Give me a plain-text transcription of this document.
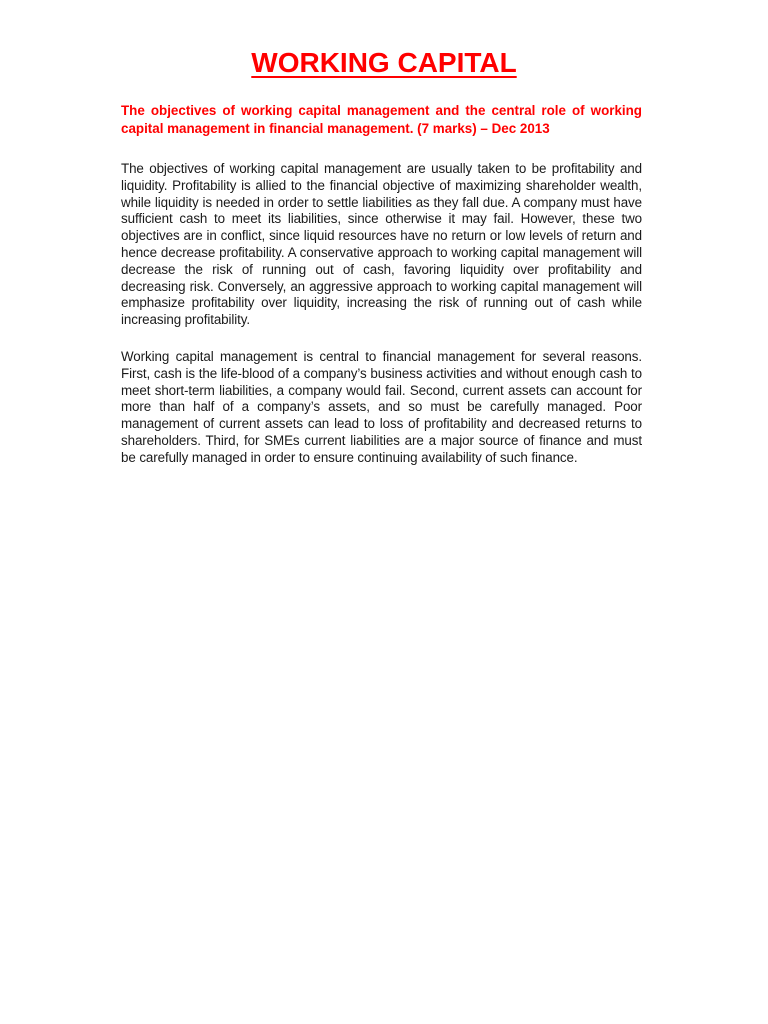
WORKING CAPITAL

The objectives of working capital management and the central role of working capital management in financial management. (7 marks) – Dec 2013

The objectives of working capital management are usually taken to be profitability and liquidity. Profitability is allied to the financial objective of maximizing shareholder wealth, while liquidity is needed in order to settle liabilities as they fall due. A company must have sufficient cash to meet its liabilities, since otherwise it may fail. However, these two objectives are in conflict, since liquid resources have no return or low levels of return and hence decrease profitability. A conservative approach to working capital management will decrease the risk of running out of cash, favoring liquidity over profitability and decreasing risk. Conversely, an aggressive approach to working capital management will emphasize profitability over liquidity, increasing the risk of running out of cash while increasing profitability.

Working capital management is central to financial management for several reasons. First, cash is the life-blood of a company’s business activities and without enough cash to meet short-term liabilities, a company would fail. Second, current assets can account for more than half of a company’s assets, and so must be carefully managed. Poor management of current assets can lead to loss of profitability and decreased returns to shareholders. Third, for SMEs current liabilities are a major source of finance and must be carefully managed in order to ensure continuing availability of such finance.
